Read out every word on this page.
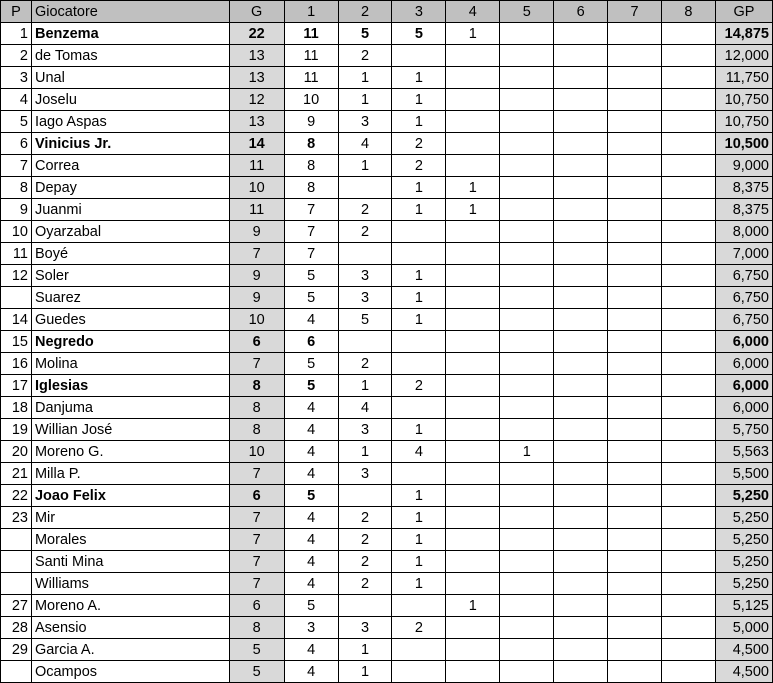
P	Giocatore	G	1	2	3	4	5	6	7	8	GP
1	Benzema	22	11	5	5	1					14,875
2	de Tomas	13	11	2							12,000
3	Unal	13	11	1	1						11,750
4	Joselu	12	10	1	1						10,750
5	Iago Aspas	13	9	3	1						10,750
6	Vinicius Jr.	14	8	4	2						10,500
7	Correa	11	8	1	2						9,000
8	Depay	10	8		1	1					8,375
9	Juanmi	11	7	2	1	1					8,375
10	Oyarzabal	9	7	2							8,000
11	Boyé	7	7								7,000
12	Soler	9	5	3	1						6,750
	Suarez	9	5	3	1						6,750
14	Guedes	10	4	5	1						6,750
15	Negredo	6	6								6,000
16	Molina	7	5	2							6,000
17	Iglesias	8	5	1	2						6,000
18	Danjuma	8	4	4							6,000
19	Willian José	8	4	3	1						5,750
20	Moreno G.	10	4	1	4		1				5,563
21	Milla P.	7	4	3							5,500
22	Joao Felix	6	5		1						5,250
23	Mir	7	4	2	1						5,250
	Morales	7	4	2	1						5,250
	Santi Mina	7	4	2	1						5,250
	Williams	7	4	2	1						5,250
27	Moreno A.	6	5			1					5,125
28	Asensio	8	3	3	2						5,000
29	Garcia A.	5	4	1							4,500
	Ocampos	5	4	1							4,500
